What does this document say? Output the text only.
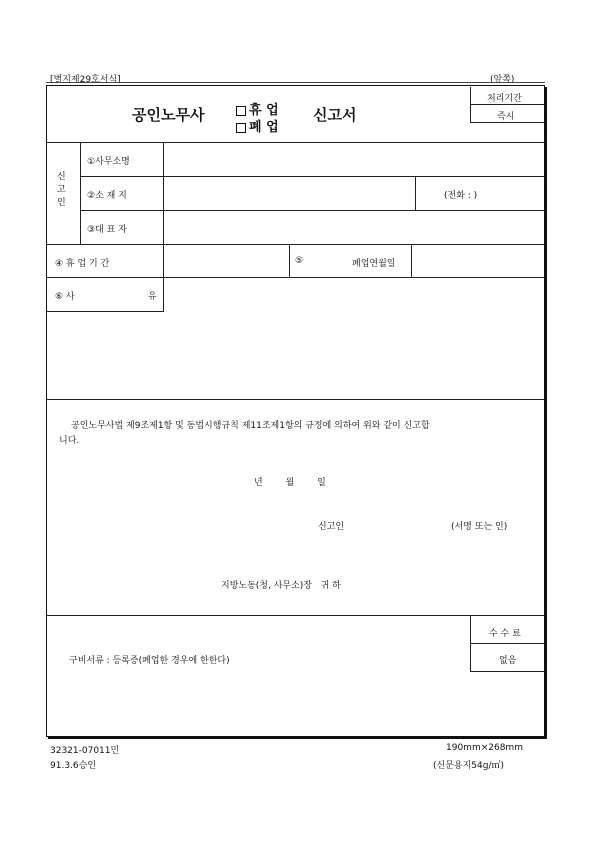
[별지제29호서식]	(앞쪽)
공인노무사	휴 업
폐 업
신고서
처리기간
즉시
신
고
인
①사무소명
②소 재 지	(전화 : )
③대 표 자
④ 휴 업 기 간	⑤	폐업연월일
⑥ 사	유
공인노무사법 제9조제1항 및 동법시행규칙 제11조제1항의 규정에 의하여 위와 같이 신고합
니다.
년        월        일
신고인	(서명 또는 인)
지방노동(청, 사무소)장   귀 하
구비서류 : 등록증(폐업한 경우에 한한다)
수 수 료
없음
32321-07011민
91.3.6승인
190mm×268mm
(신문용지54g/㎡)
